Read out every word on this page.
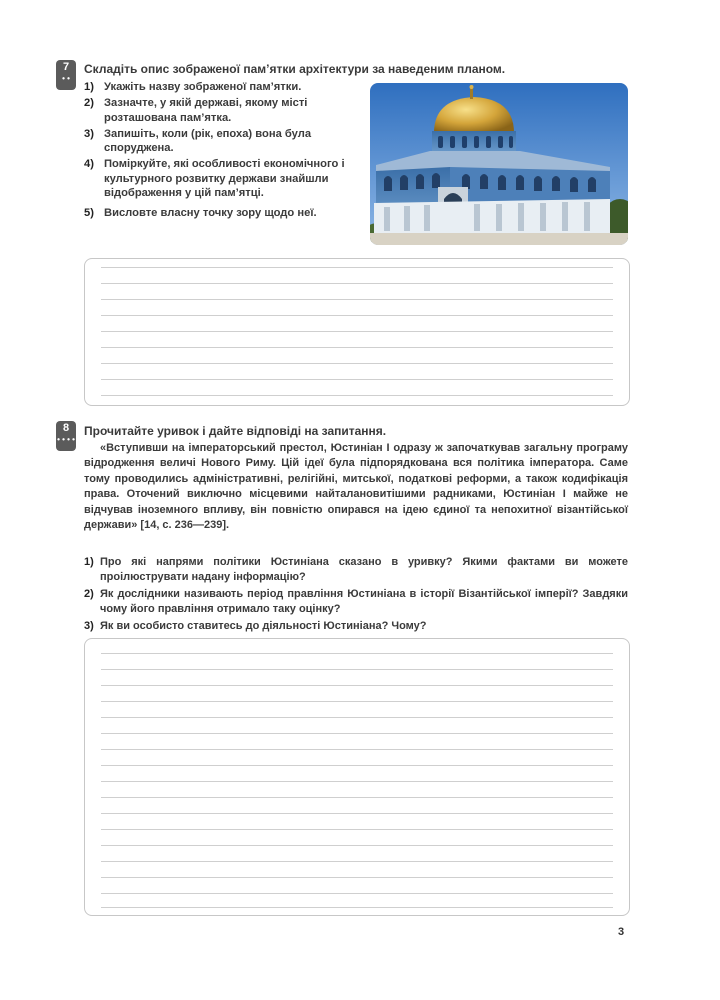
7
• •
Складіть опис зображеної пам’ятки архітектури за наведеним планом.
1) Укажіть назву зображеної пам’ятки.
2) Зазначте, у якій державі, якому місті розташована пам’ятка.
3) Запишіть, коли (рік, епоха) вона була споруджена.
4) Поміркуйте, які особливості економічного і культурного розвитку держави знайшли відображення у цій пам’ятці.
5) Висловте власну точку зору щодо неї.
8
• • • •
Прочитайте уривок і дайте відповіді на запитання.

«Вступивши на імператорський престол, Юстиніан І одразу ж започаткував загальну програму відродження величі Нового Риму. Цій ідеї була підпорядкована вся політика імператора. Саме тому проводились адміністративні, релігійні, митської, податкові реформи, а також кодифікація права. Оточений виключно місцевими найталановитішими радниками, Юстиніан І майже не відчував іноземного впливу, він повністю опирався на ідею єдиної та непохитної візантійської держави» [14, с. 236—239].

1) Про які напрями політики Юстиніана сказано в уривку? Якими фактами ви можете проілюструвати надану інформацію?
2) Як дослідники називають період правління Юстиніана в історії Візантійської імперії? Завдяки чому його правління отримало таку оцінку?
3) Як ви особисто ставитесь до діяльності Юстиніана? Чому?
3
